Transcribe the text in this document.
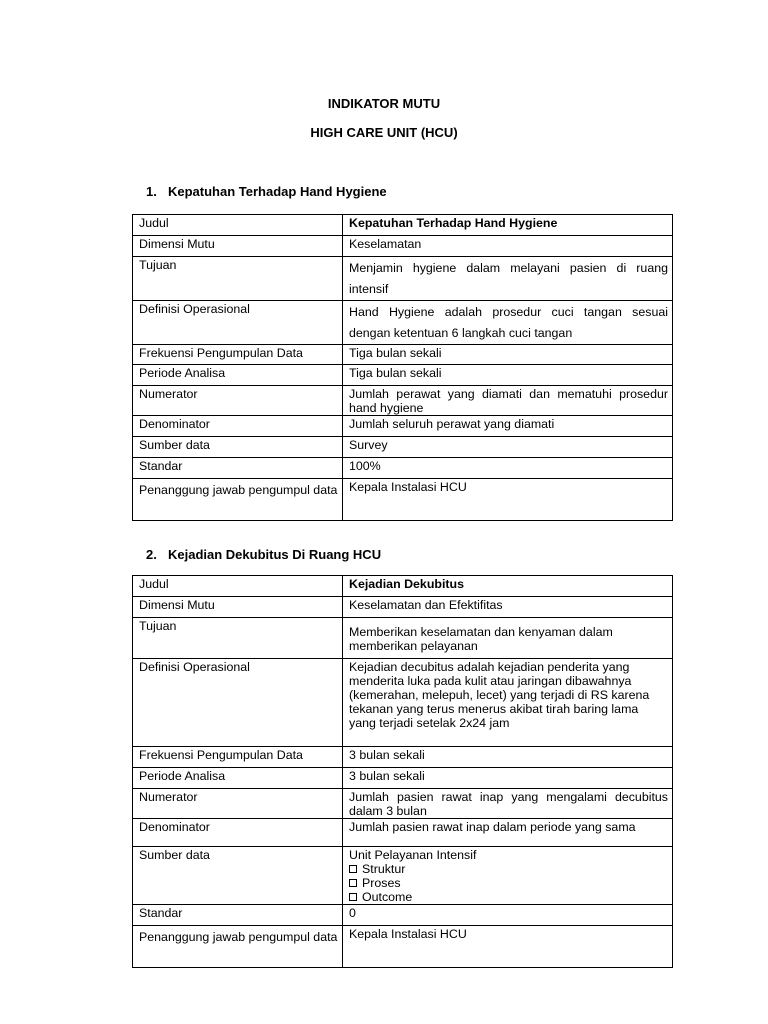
INDIKATOR MUTU
HIGH CARE UNIT (HCU)
1. Kepatuhan Terhadap Hand Hygiene
Judul	Kepatuhan Terhadap Hand Hygiene
Dimensi Mutu	Keselamatan
Tujuan	Menjamin hygiene dalam melayani pasien di ruang intensif
Definisi Operasional	Hand Hygiene adalah prosedur cuci tangan sesuai dengan ketentuan 6 langkah cuci tangan
Frekuensi Pengumpulan Data	Tiga bulan sekali
Periode Analisa	Tiga bulan sekali
Numerator	Jumlah perawat yang diamati dan mematuhi prosedur hand hygiene
Denominator	Jumlah seluruh perawat yang diamati
Sumber data	Survey
Standar	100%
Penanggung jawab pengumpul data	Kepala Instalasi HCU
2. Kejadian Dekubitus Di Ruang HCU
Judul	Kejadian Dekubitus
Dimensi Mutu	Keselamatan dan Efektifitas
Tujuan	Memberikan keselamatan dan kenyaman dalam memberikan pelayanan
Definisi Operasional	Kejadian decubitus adalah kejadian penderita yang menderita luka pada kulit atau jaringan dibawahnya (kemerahan, melepuh, lecet) yang terjadi di RS karena tekanan yang terus menerus akibat tirah baring lama yang terjadi setelak 2x24 jam
Frekuensi Pengumpulan Data	3 bulan sekali
Periode Analisa	3 bulan sekali
Numerator	Jumlah pasien rawat inap yang mengalami decubitus dalam 3 bulan
Denominator	Jumlah pasien rawat inap dalam periode yang sama
Sumber data	Unit Pelayanan Intensif
Struktur
Proses
Outcome

Standar	0
Penanggung jawab pengumpul data	Kepala Instalasi HCU
